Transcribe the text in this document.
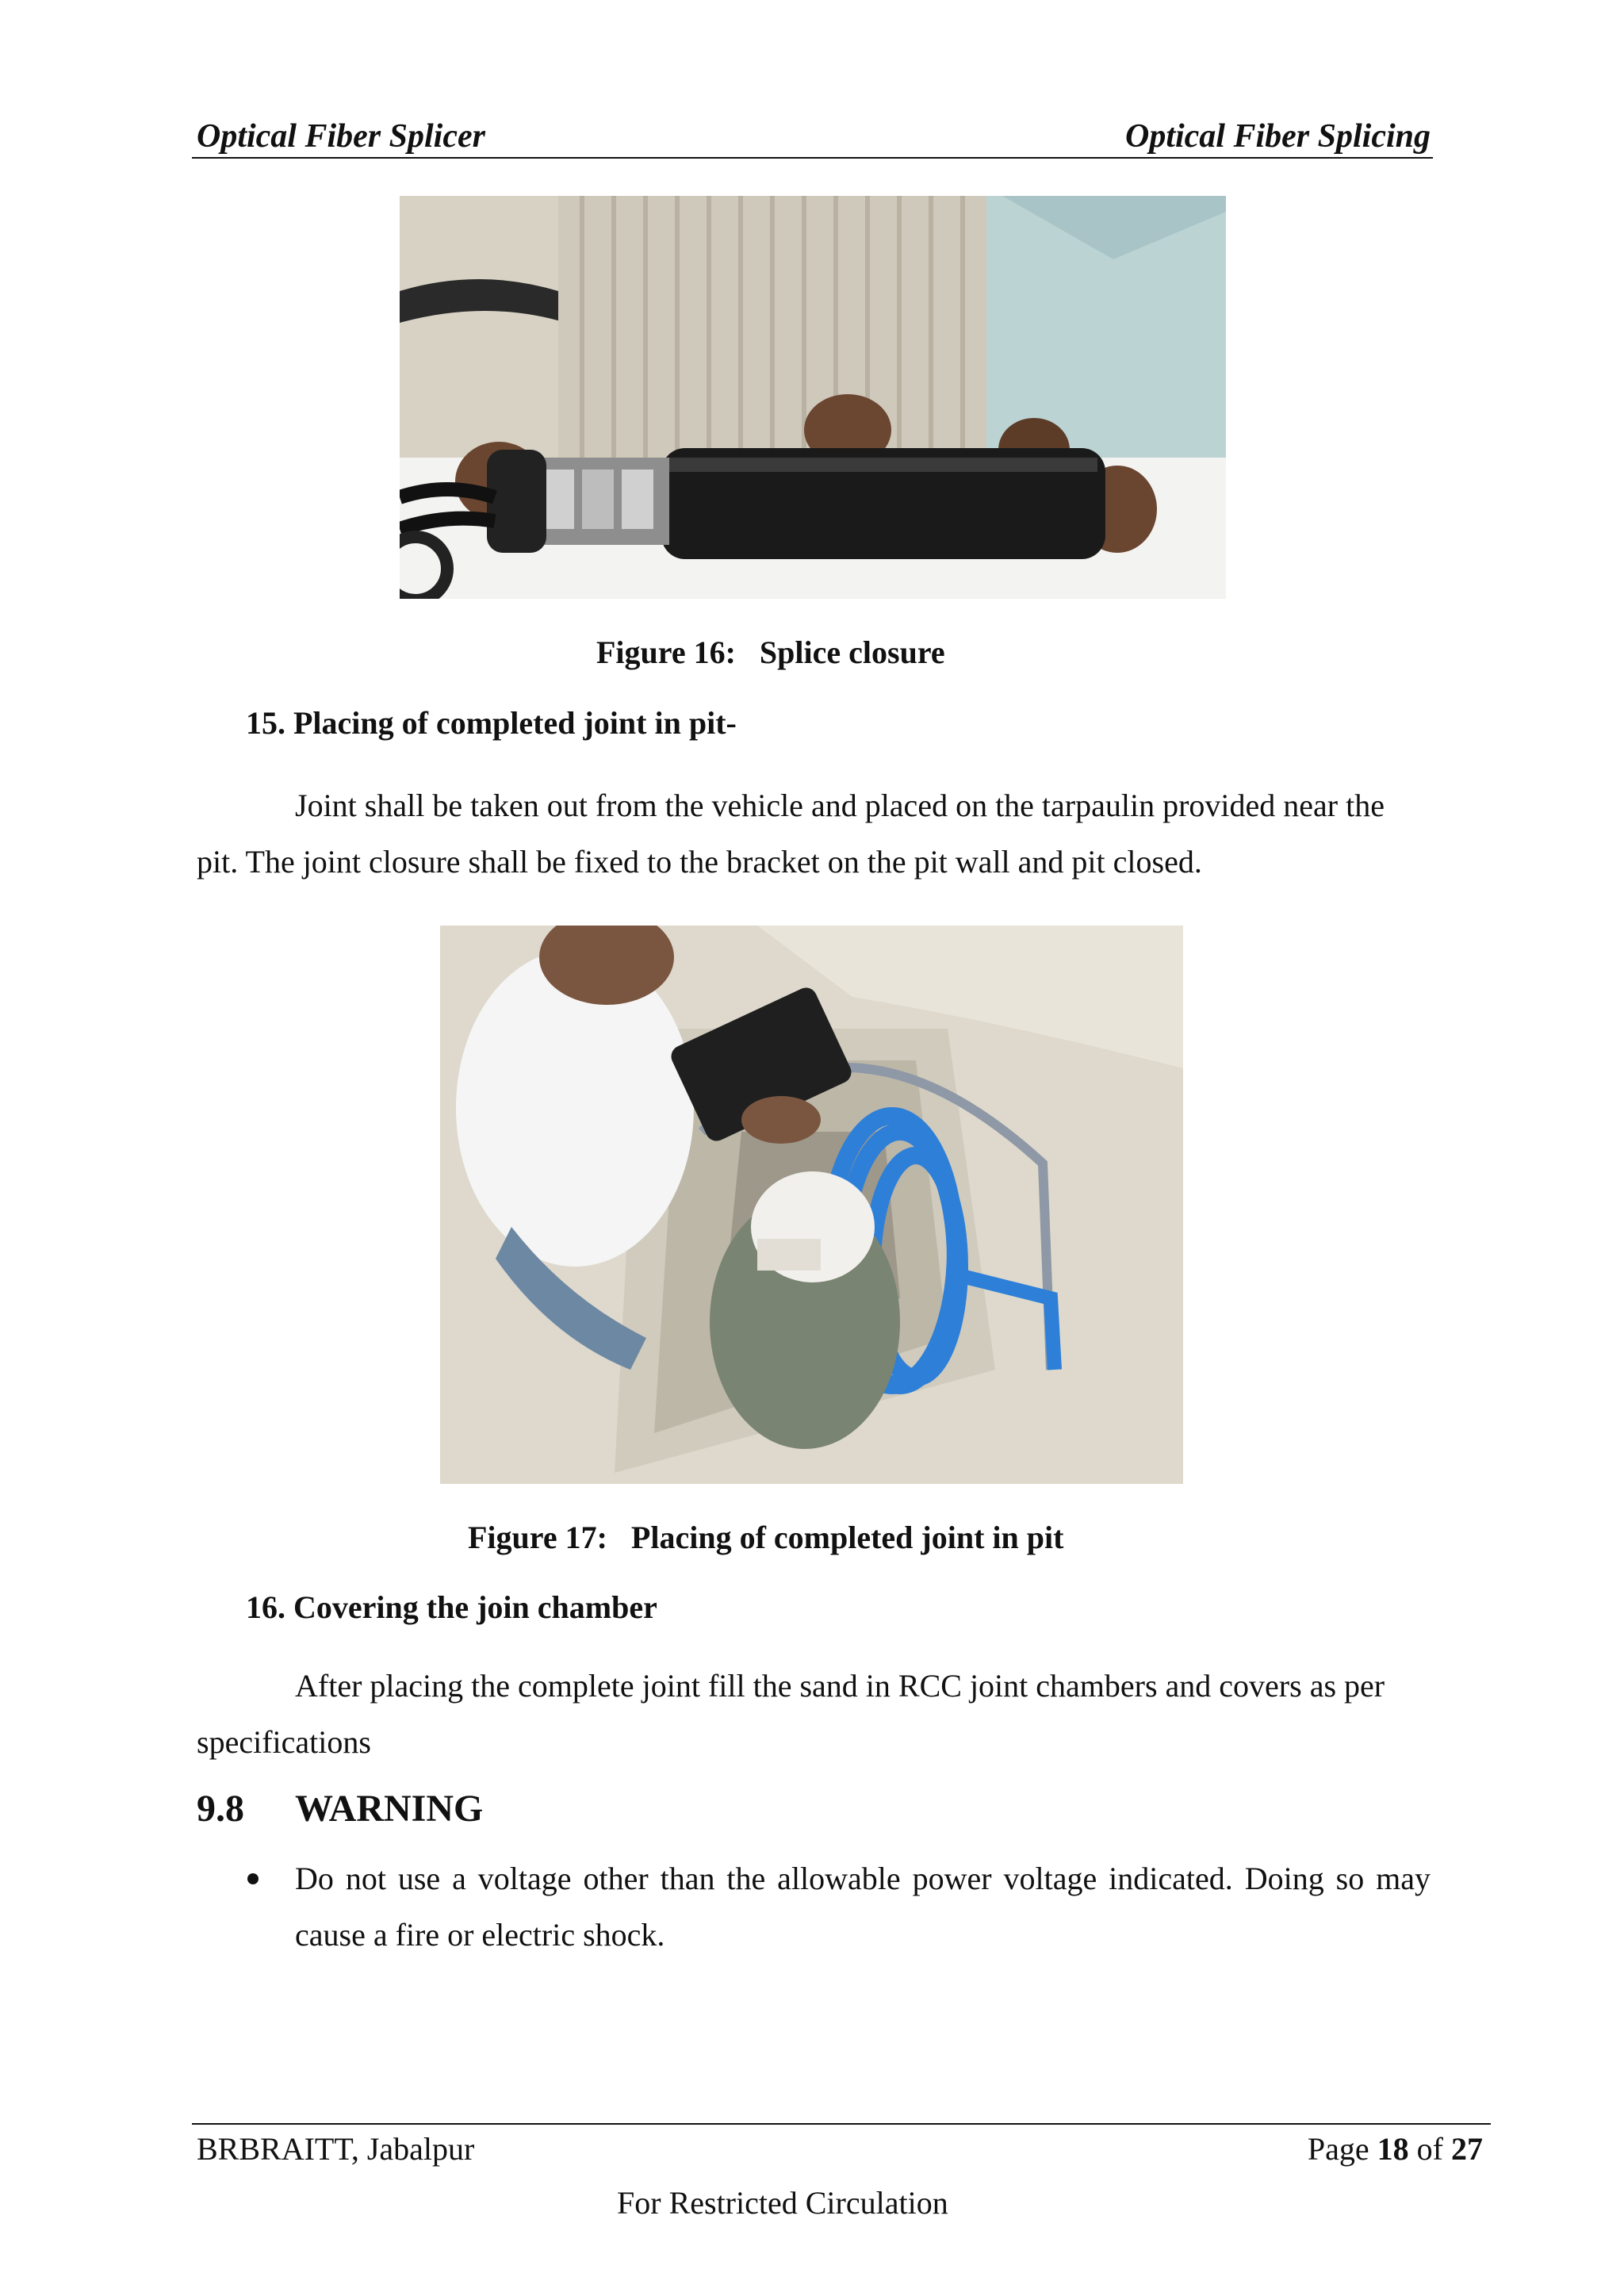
Optical Fiber Splicer	Optical Fiber Splicing
Figure 16: Splice closure
15. Placing of completed joint in pit-
Joint shall be taken out from the vehicle and placed on the tarpaulin provided near the pit. The joint closure shall be fixed to the bracket on the pit wall and pit closed.
Figure 17: Placing of completed joint in pit
16. Covering the join chamber
After placing the complete joint fill the sand in RCC joint chambers and covers as per specifications
9.8 WARNING
Do not use a voltage other than the allowable power voltage indicated. Doing so may cause a fire or electric shock.
BRBRAITT, Jabalpur	Page 18 of 27
For Restricted Circulation
